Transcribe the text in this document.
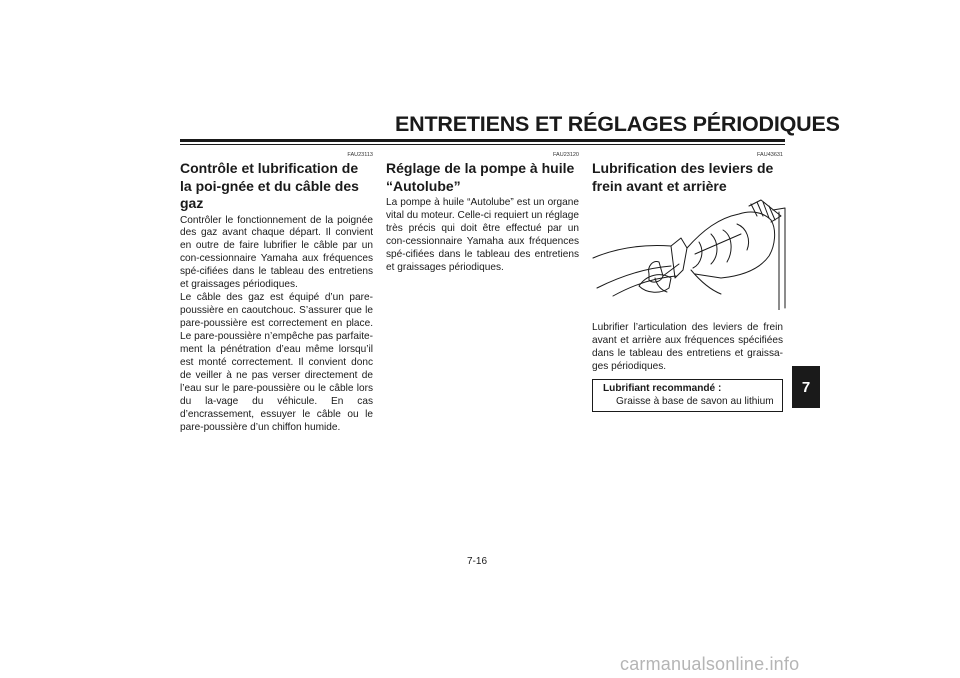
ENTRETIENS ET RÉGLAGES PÉRIODIQUES
FAU23113
Contrôle et lubrification de la poi-gnée et du câble des gaz

Contrôler le fonctionnement de la poignée des gaz avant chaque départ. Il convient en outre de faire lubrifier le câble par un con-cessionnaire Yamaha aux fréquences spé-cifiées dans le tableau des entretiens et graissages périodiques.

Le câble des gaz est équipé d’un pare-poussière en caoutchouc. S’assurer que le pare-poussière est correctement en place. Le pare-poussière n’empêche pas parfaite-ment la pénétration d’eau même lorsqu’il est monté correctement. Il convient donc de veiller à ne pas verser directement de l’eau sur le pare-poussière ou le câble lors du la-vage du véhicule. En cas d’encrassement, essuyer le câble ou le pare-poussière d’un chiffon humide.

FAU23120
Réglage de la pompe à huile “Autolube”

La pompe à huile “Autolube” est un organe vital du moteur. Celle-ci requiert un réglage très précis qui doit être effectué par un con-cessionnaire Yamaha aux fréquences spé-cifiées dans le tableau des entretiens et graissages périodiques.

FAU43631
Lubrification des leviers de frein avant et arrière

Lubrifier l’articulation des leviers de frein avant et arrière aux fréquences spécifiées dans le tableau des entretiens et graissa-ges périodiques.

Lubrifiant recommandé :
Graisse à base de savon au lithium
7
7-16
carmanualsonline.info
